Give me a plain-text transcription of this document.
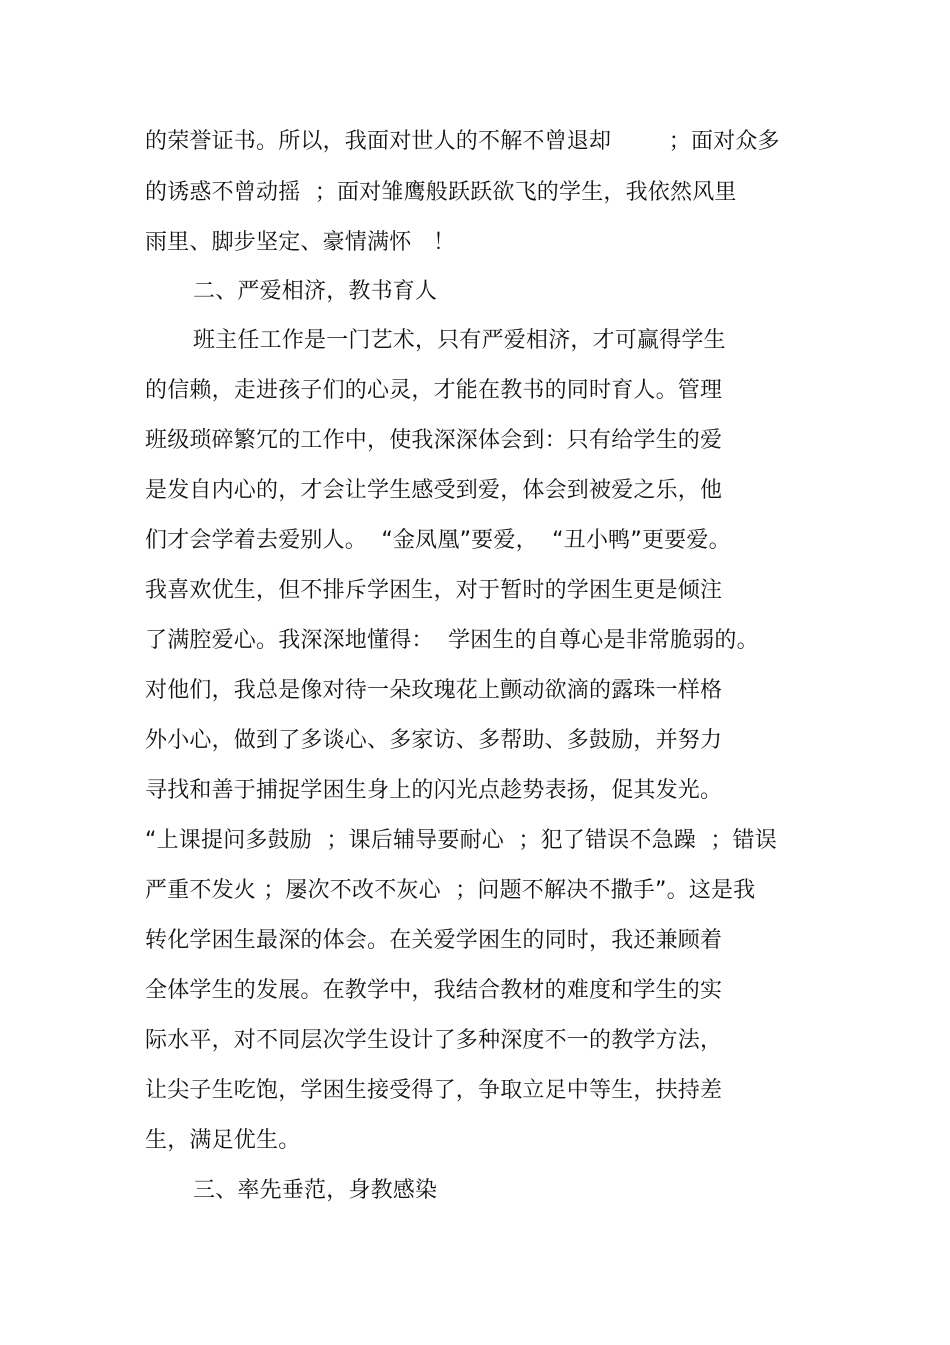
的荣誉证书。所以，我面对世人的不解不曾退却        ；面对众多
的诱惑不曾动摇  ；面对雏鹰般跃跃欲飞的学生，我依然风里
雨里、脚步坚定、豪情满怀   ！
二、严爱相济，教书育人
班主任工作是一门艺术，只有严爱相济，才可赢得学生
的信赖，走进孩子们的心灵，才能在教书的同时育人。管理
班级琐碎繁冗的工作中，使我深深体会到：只有给学生的爱
是发自内心的，才会让学生感受到爱，体会到被爱之乐，他
们才会学着去爱别人。  “金凤凰”要爱，  “丑小鸭”更要爱。
我喜欢优生，但不排斥学困生，对于暂时的学困生更是倾注
了满腔爱心。我深深地懂得：  学困生的自尊心是非常脆弱的。
对他们，我总是像对待一朵玫瑰花上颤动欲滴的露珠一样格
外小心，做到了多谈心、多家访、多帮助、多鼓励，并努力
寻找和善于捕捉学困生身上的闪光点趁势表扬，促其发光。
“上课提问多鼓励  ；课后辅导要耐心  ；犯了错误不急躁  ；错误
严重不发火 ；屡次不改不灰心  ；问题不解决不撒手”。这是我
转化学困生最深的体会。在关爱学困生的同时，我还兼顾着
全体学生的发展。在教学中，我结合教材的难度和学生的实
际水平，对不同层次学生设计了多种深度不一的教学方法，
让尖子生吃饱，学困生接受得了，争取立足中等生，扶持差
生，满足优生。
三、率先垂范，身教感染
